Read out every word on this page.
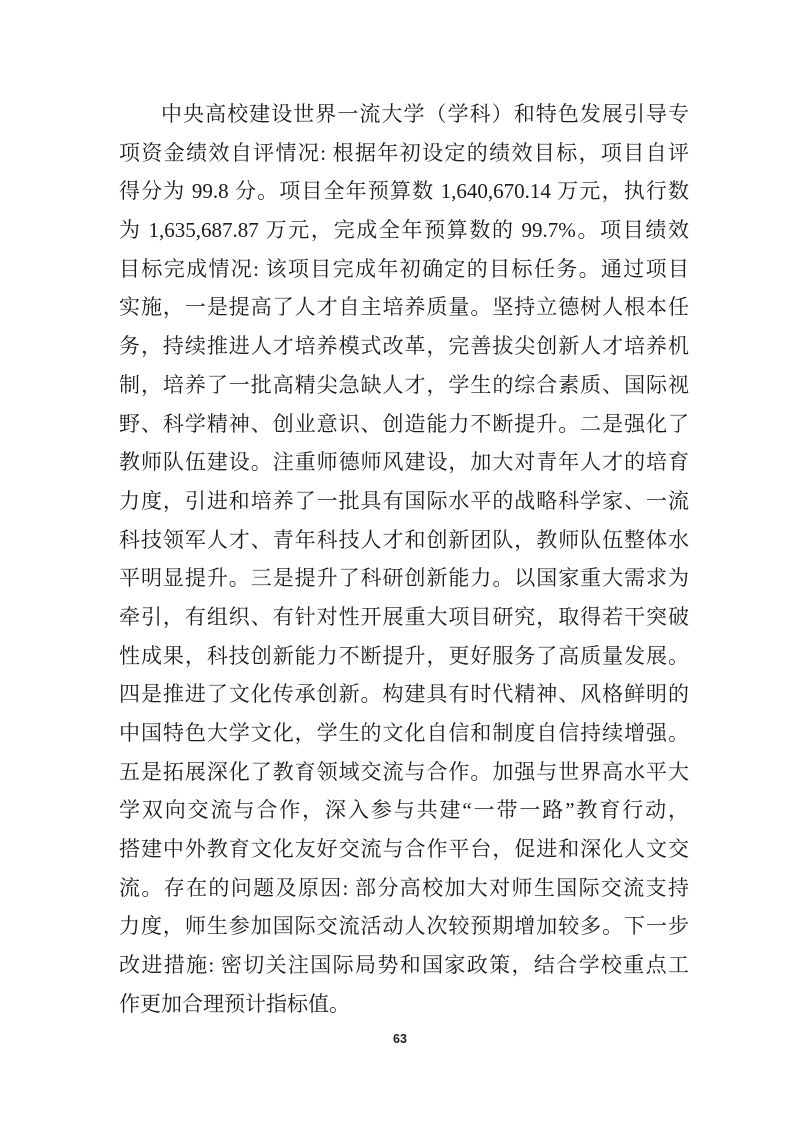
中央高校建设世界一流大学（学科）和特色发展引导专
项资金绩效自评情况: 根据年初设定的绩效目标，项目自评
得分为 99.8 分。项目全年预算数 1,640,670.14 万元，执行数
为 1,635,687.87 万元，完成全年预算数的 99.7%。项目绩效
目标完成情况: 该项目完成年初确定的目标任务。通过项目
实施，一是提高了人才自主培养质量。坚持立德树人根本任
务，持续推进人才培养模式改革，完善拔尖创新人才培养机
制，培养了一批高精尖急缺人才，学生的综合素质、国际视
野、科学精神、创业意识、创造能力不断提升。二是强化了
教师队伍建设。注重师德师风建设，加大对青年人才的培育
力度，引进和培养了一批具有国际水平的战略科学家、一流
科技领军人才、青年科技人才和创新团队，教师队伍整体水
平明显提升。三是提升了科研创新能力。以国家重大需求为
牵引，有组织、有针对性开展重大项目研究，取得若干突破
性成果，科技创新能力不断提升，更好服务了高质量发展。
四是推进了文化传承创新。构建具有时代精神、风格鲜明的
中国特色大学文化，学生的文化自信和制度自信持续增强。
五是拓展深化了教育领域交流与合作。加强与世界高水平大
学双向交流与合作，深入参与共建“一带一路”教育行动，
搭建中外教育文化友好交流与合作平台，促进和深化人文交
流。存在的问题及原因: 部分高校加大对师生国际交流支持
力度，师生参加国际交流活动人次较预期增加较多。下一步
改进措施: 密切关注国际局势和国家政策，结合学校重点工
作更加合理预计指标值。
63
